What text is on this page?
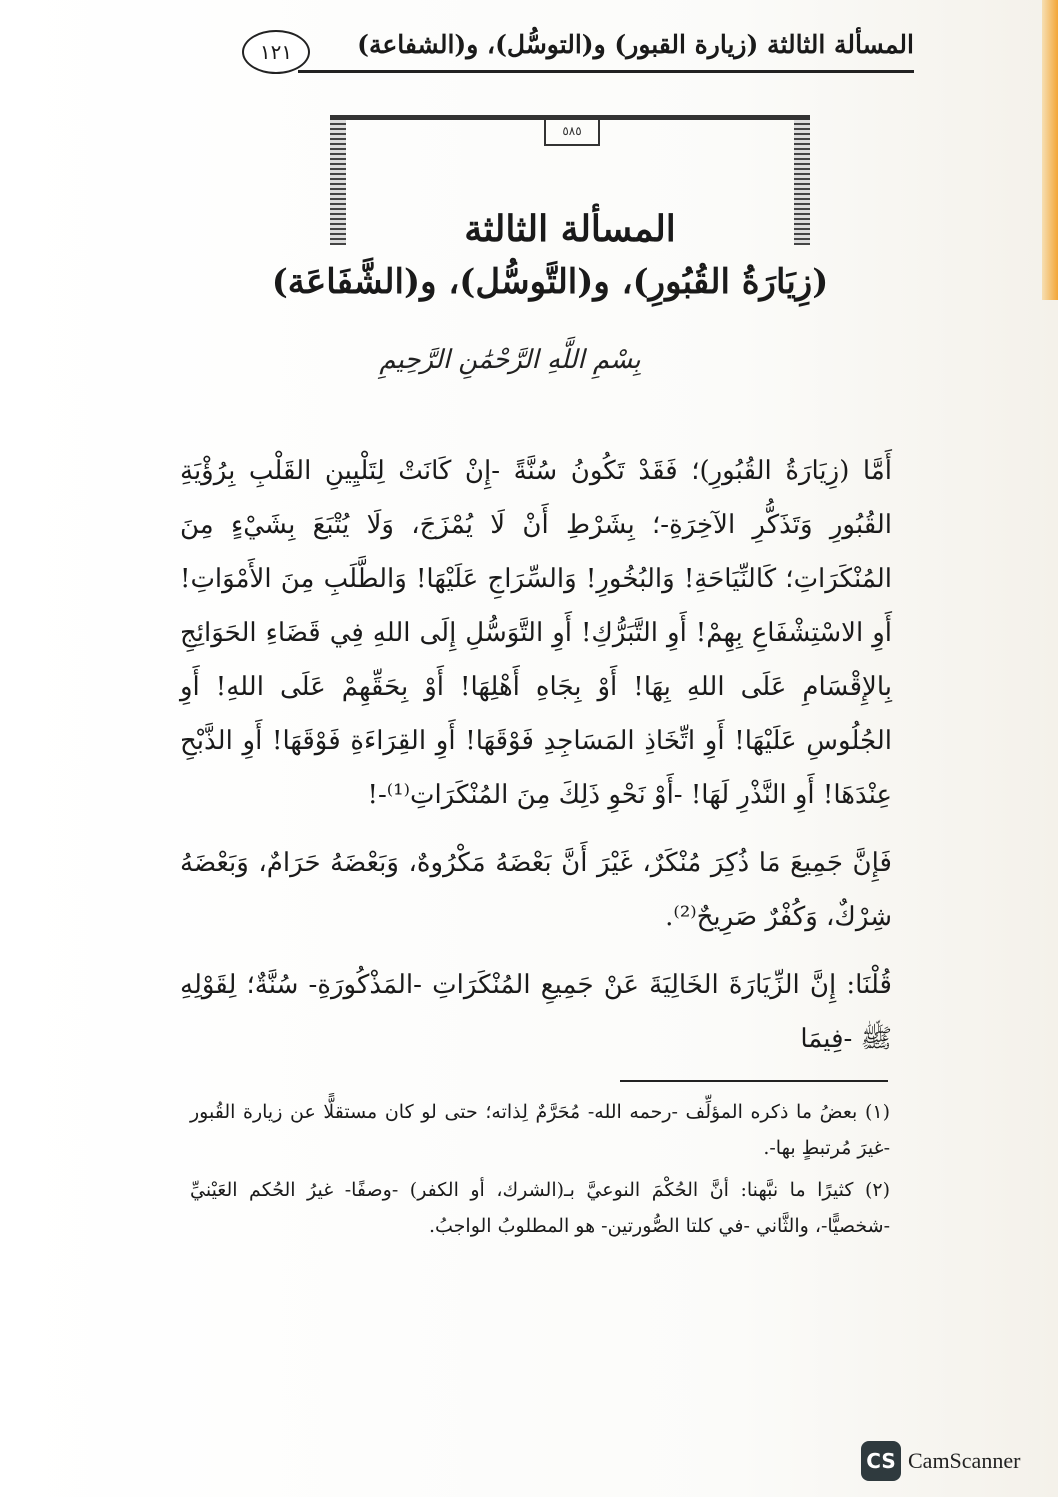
المسألة الثالثة (زيارة القبور) و(التوسُّل)، و(الشفاعة)
١٢١
٥٨٥
المسألة الثالثة
(زِيَارَةُ القُبُورِ)، و(التَّوسُّل)، و(الشَّفَاعَة)
بِسْمِ اللَّهِ الرَّحْمَٰنِ الرَّحِيمِ

أَمَّا (زِيَارَةُ القُبُورِ)؛ فَقَدْ تَكُونُ سُنَّةً -إِنْ كَانَتْ لِتَلْيِينِ القَلْبِ بِرُؤْيَةِ القُبُورِ وَتَذَكُّرِ الآخِرَةِ-؛ بِشَرْطِ أَنْ لَا يُمْزَجَ، وَلَا يُتْبَعَ بِشَيْءٍ مِنَ المُنْكَرَاتِ؛ كَالنِّيَاحَةِ! وَالبُخُورِ! وَالسِّرَاجِ عَلَيْهَا! وَالطَّلَبِ مِنَ الأَمْوَاتِ! أَوِ الاسْتِشْفَاعِ بِهِمْ! أَوِ التَّبَرُّكِ! أَوِ التَّوَسُّلِ إِلَى اللهِ فِي قَضَاءِ الحَوَائِجِ بِالإِقْسَامِ عَلَى اللهِ بِهَا! أَوْ بِجَاهِ أَهْلِهَا! أَوْ بِحَقِّهِمْ عَلَى اللهِ! أَوِ الجُلُوسِ عَلَيْهَا! أَوِ اتِّخَاذِ المَسَاجِدِ فَوْقَهَا! أَوِ القِرَاءَةِ فَوْقَهَا! أَوِ الذَّبْحِ عِنْدَهَا! أَوِ النَّذْرِ لَهَا! -أَوْ نَحْوِ ذَلِكَ مِنَ المُنْكَرَاتِ⁽¹⁾-!

فَإِنَّ جَمِيعَ مَا ذُكِرَ مُنْكَرٌ، غَيْرَ أَنَّ بَعْضَهُ مَكْرُوهٌ، وَبَعْضَهُ حَرَامٌ، وَبَعْضَهُ شِرْكٌ، وَكُفْرٌ صَرِيحٌ⁽²⁾.

قُلْنَا: إِنَّ الزِّيَارَةَ الخَالِيَةَ عَنْ جَمِيعِ المُنْكَرَاتِ -المَذْكُورَةِ- سُنَّةٌ؛ لِقَوْلِهِ ﷺ -فِيمَا

(١) بعضُ ما ذكره المؤلِّف -رحمه الله- مُحَرَّمٌ لِذاته؛ حتى لو كان مستقلًّا عن زيارة القُبور -غيرَ مُرتبطٍ بها-.

(٢) كثيرًا ما نبَّهنا: أنَّ الحُكْمَ النوعيَّ بـ(الشرك، أو الكفر) -وصفًا- غيرُ الحُكم العَيْنيِّ -شخصيًّا-، والثَّاني -في كلتا الصُّورتين- هو المطلوبُ الواجبُ.

CS CamScanner
